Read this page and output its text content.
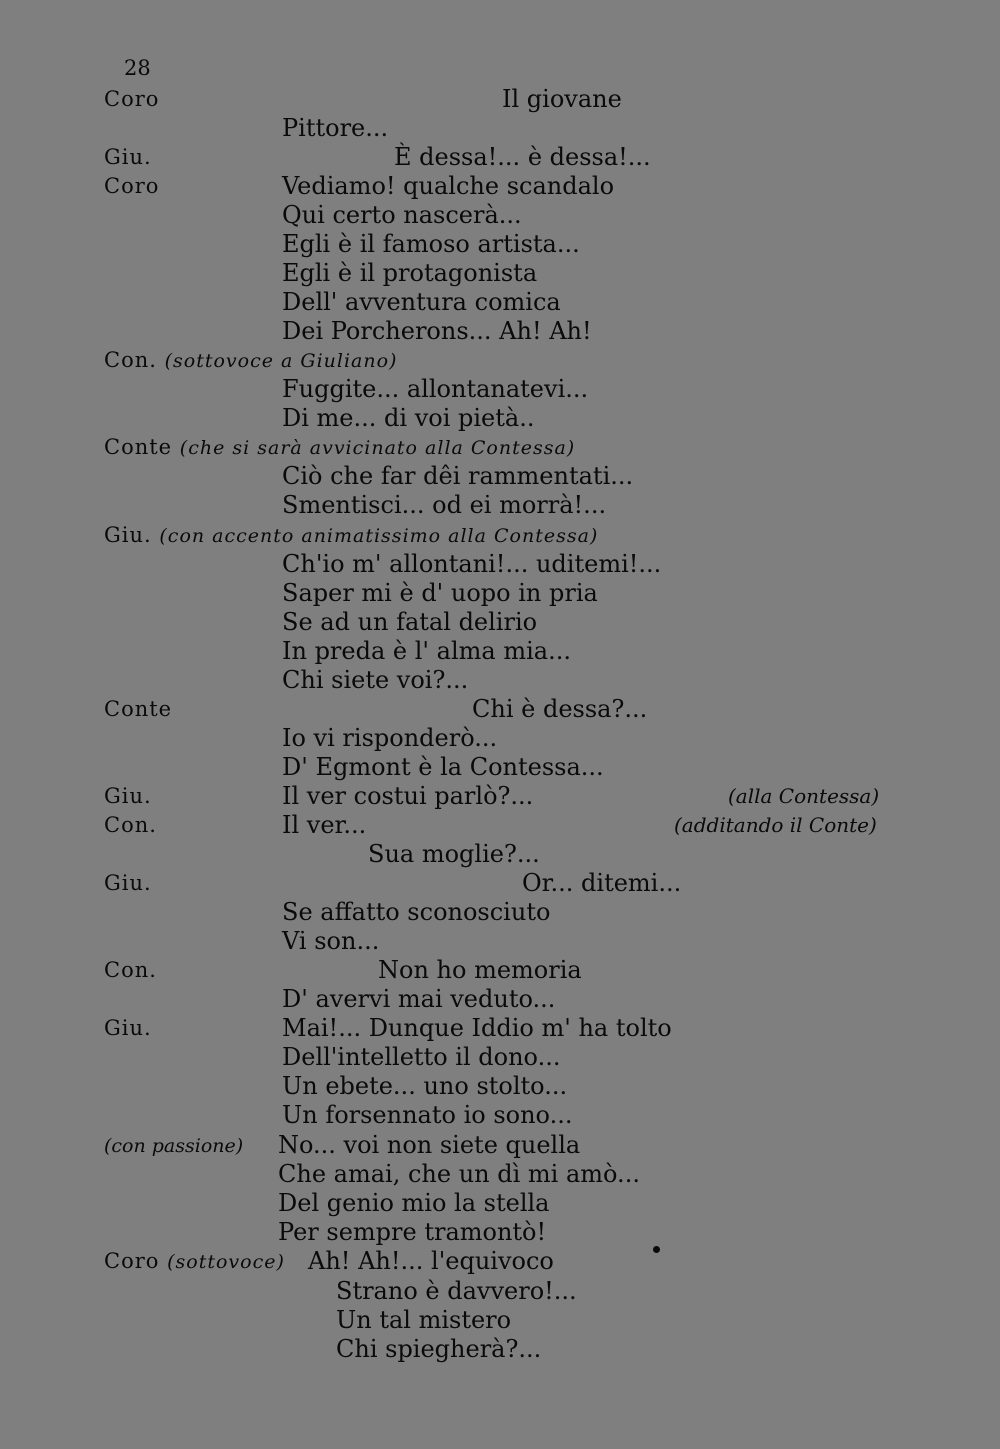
28
Coro	Il giovane
Pittore...
Giu.	È dessa!... è dessa!...
Coro	Vediamo! qualche scandalo
Qui certo nascerà...
Egli è il famoso artista...
Egli è il protagonista
Dell' avventura comica
Dei Porcherons... Ah! Ah!
Con. (sottovoce a Giuliano)
Fuggite... allontanatevi...
Di me... di voi pietà..
Conte (che si sarà avvicinato alla Contessa)
Ciò che far dêi rammentati...
Smentisci... od ei morrà!...
Giu. (con accento animatissimo alla Contessa)
Ch'io m' allontani!... uditemi!...
Saper mi è d' uopo in pria
Se ad un fatal delirio
In preda è l' alma mia...
Chi siete voi?...
Conte	Chi è dessa?...
Io vi risponderò...
D' Egmont è la Contessa...
Giu.	Il ver costui parlò?...	(alla Contessa)
Con.	Il ver...	(additando il Conte)
Sua moglie?...
Giu.	Or... ditemi...
Se affatto sconosciuto
Vi son...
Con.	Non ho memoria
D' avervi mai veduto...
Giu.	Mai!... Dunque Iddio m' ha tolto
Dell'intelletto il dono...
Un ebete... uno stolto...
Un forsennato io sono...
(con passione) No... voi non siete quella
Che amai, che un dì mi amò...
Del genio mio la stella
Per sempre tramontò!
Coro (sottovoce) Ah! Ah!... l'equivoco
Strano è davvero!...
Un tal mistero
Chi spiegherà?...
